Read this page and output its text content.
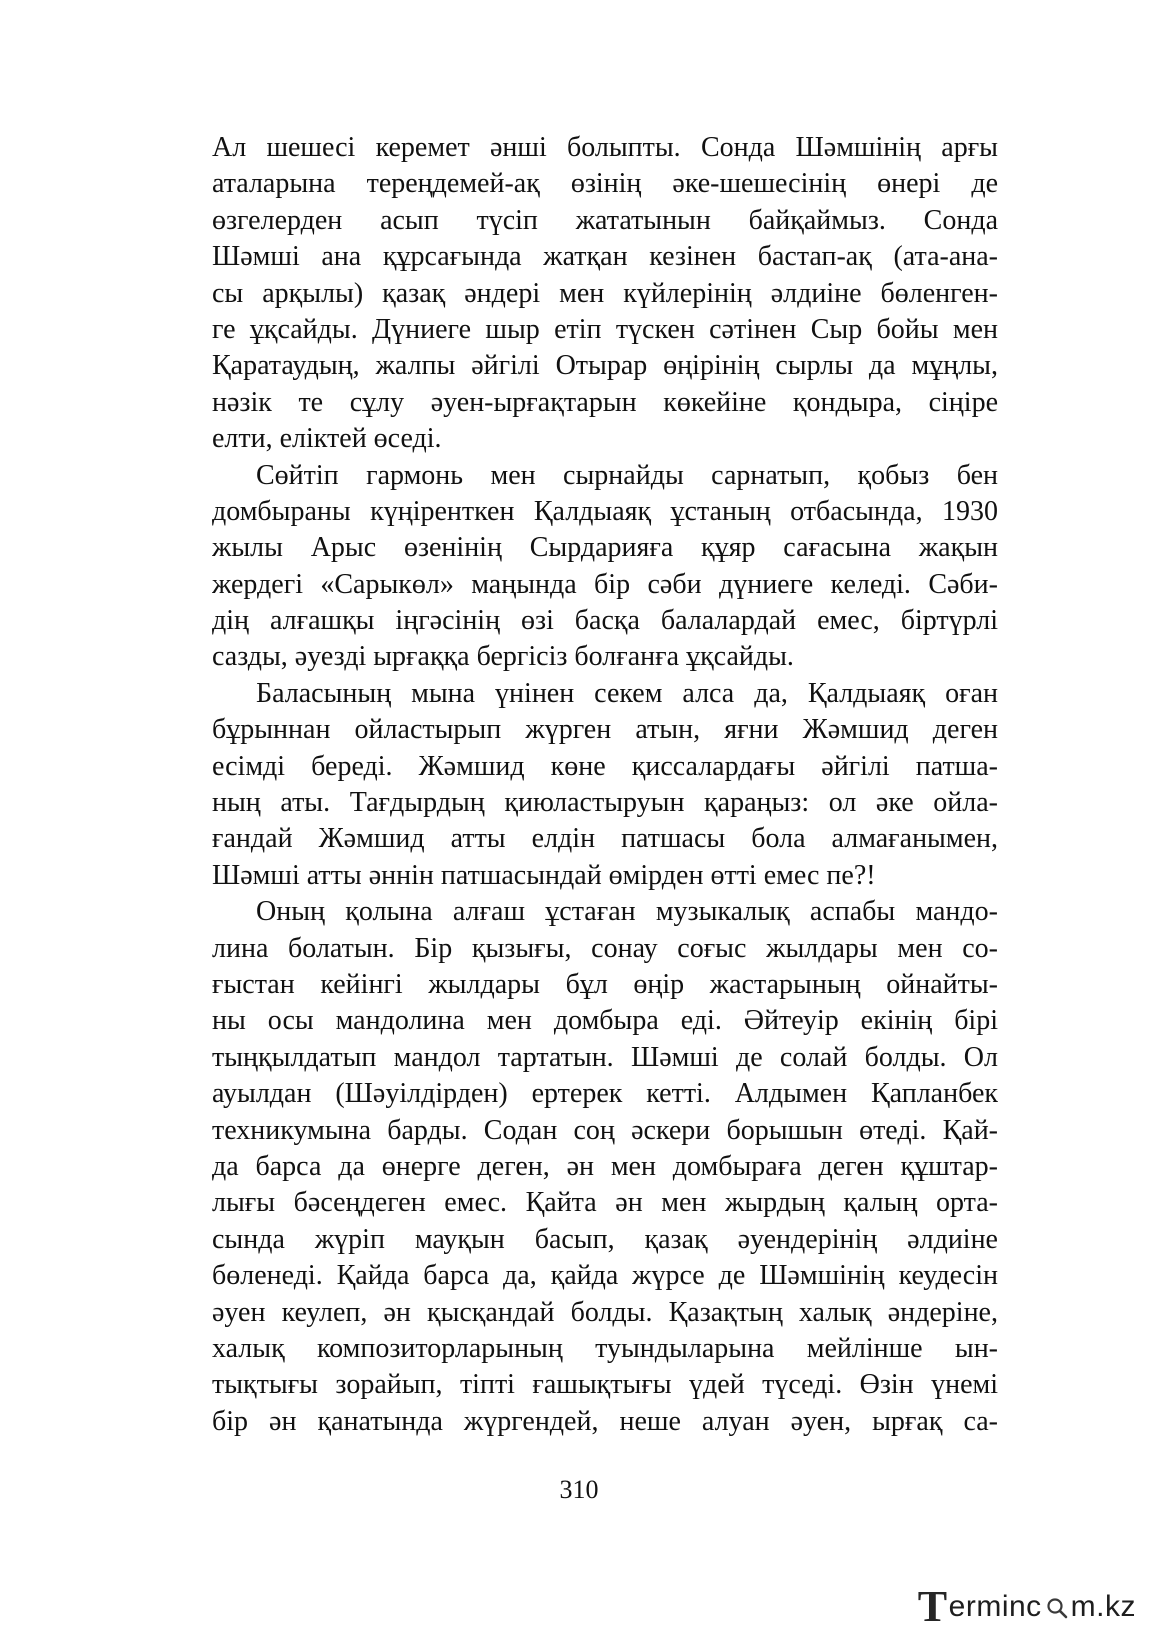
Ал шешесі керемет әнші болыпты. Сонда Шәмшінің арғы
аталарына тереңдемей-ақ өзінің әке-шешесінің өнері де
өзгелерден асып түсіп жататынын байқаймыз. Сонда
Шәмші ана құрсағында жатқан кезінен бастап-ақ (ата-ана-
сы арқылы) қазақ әндері мен күйлерінің әлдиіне бөленген-
ге ұқсайды. Дүниеге шыр етіп түскен сәтінен Сыр бойы мен
Қаратаудың, жалпы әйгілі Отырар өңірінің сырлы да мұңлы,
нәзік те сұлу әуен-ырғақтарын көкейіне қондыра, сіңіре
елти, еліктей өседі.
Сөйтіп гармонь мен сырнайды сарнатып, қобыз бен
домбыраны күңіренткен Қалдыаяқ ұстаның отбасында, 1930
жылы Арыс өзенінің Сырдарияға құяр сағасына жақын
жердегі «Сарыкөл» маңында бір сәби дүниеге келеді. Сәби-
дің алғашқы іңгәсінің өзі басқа балалардай емес, біртүрлі
сазды, әуезді ырғаққа бергісіз болғанға ұқсайды.
Баласының мына үнінен секем алса да, Қалдыаяқ оған
бұрыннан ойластырып жүрген атын, яғни Жәмшид деген
есімді береді. Жәмшид көне қиссалардағы әйгілі патша-
ның аты. Тағдырдың қиюластыруын қараңыз: ол әке ойла-
ғандай Жәмшид атты елдін патшасы бола алмағанымен,
Шәмші атты әннін патшасындай өмірден өтті емес пе?!
Оның қолына алғаш ұстаған музыкалық аспабы мандо-
лина болатын. Бір қызығы, сонау соғыс жылдары мен со-
ғыстан кейінгі жылдары бұл өңір жастарының ойнайты-
ны осы мандолина мен домбыра еді. Әйтеуір екінің бірі
тыңқылдатып мандол тартатын. Шәмші де солай болды. Ол
ауылдан (Шәуілдірден) ертерек кетті. Алдымен Қапланбек
техникумына барды. Содан соң әскери борышын өтеді. Қай-
да барса да өнерге деген, ән мен домбыраға деген құштар-
лығы бәсеңдеген емес. Қайта ән мен жырдың қалың орта-
сында жүріп мауқын басып, қазақ әуендерінің әлдиіне
бөленеді. Қайда барса да, қайда жүрсе де Шәмшінің кеудесін
әуен кеулеп, ән қысқандай болды. Қазақтың халық әндеріне,
халық композиторларының туындыларына мейлінше ын-
тықтығы зорайып, тіпті ғашықтығы үдей түседі. Өзін үнемі
бір ән қанатында жүргендей, неше алуан әуен, ырғақ са-
310
T ermin c m.kz
